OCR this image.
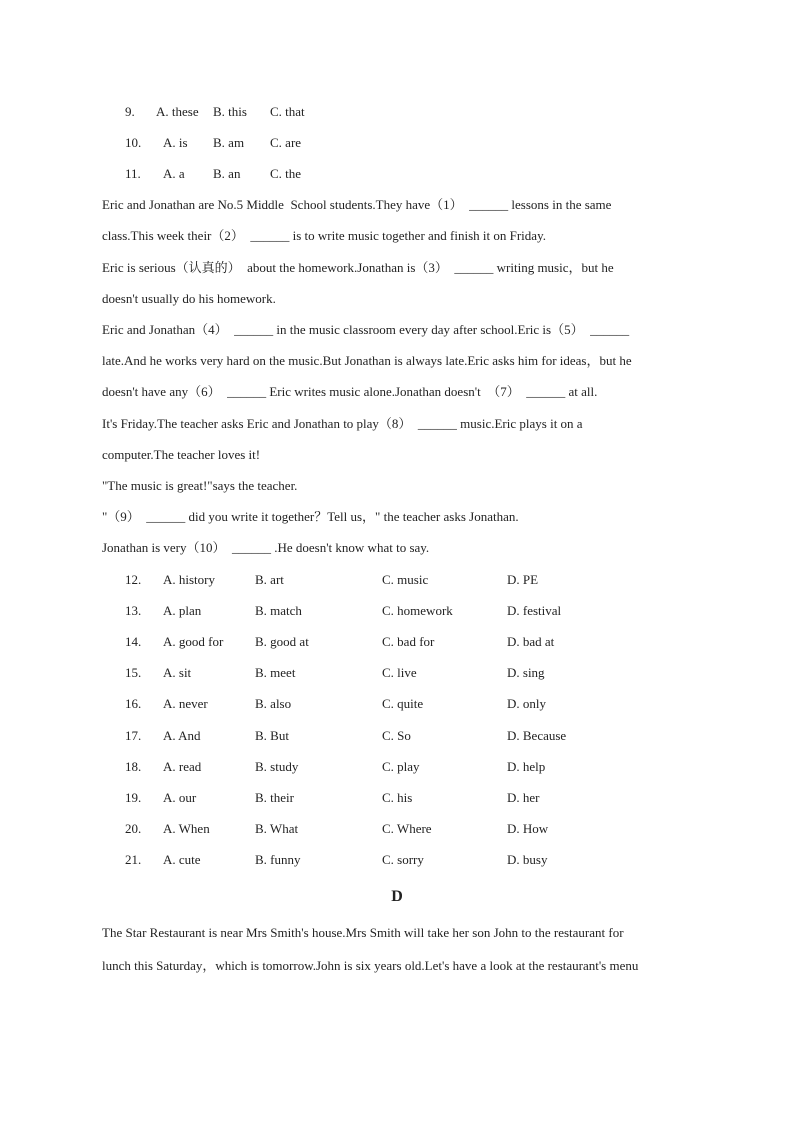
9. A. these B. this C. that
10. A. is B. am C. are
11. A. a B. an C. the
Eric and Jonathan are No.5 Middle  School students.They have（1）  ______ lessons in the same
class.This week their（2）  ______ is to write music together and finish it on Friday.
Eric is serious（认真的）  about the homework.Jonathan is（3）  ______ writing music，but he
doesn't usually do his homework.
Eric and Jonathan（4）  ______ in the music classroom every day after school.Eric is（5）  ______
late.And he works very hard on the music.But Jonathan is always late.Eric asks him for ideas，but he
doesn't have any（6）  ______ Eric writes music alone.Jonathan doesn't  （7）  ______ at all.
It's Friday.The teacher asks Eric and Jonathan to play（8）  ______ music.Eric plays it on a
computer.The teacher loves it!
"The music is great!"says the teacher.
"（9）  ______ did you write it together？Tell us，" the teacher asks Jonathan.
Jonathan is very（10）  ______ .He doesn't know what to say.
12. A. history	B. art	C. music	D. PE
13. A. plan	B. match	C. homework	D. festival
14. A. good for B. good at	C. bad for	D. bad at
15. A. sit	B. meet	C. live	D. sing
16. A. never	B. also	C. quite	D. only
17. A. And	B. But	C. So	D. Because
18. A. read	B. study	C. play	D. help
19. A. our	B. their	C. his	D. her
20. A. When	B. What	C. Where	D. How
21. A. cute	B. funny	C. sorry	D. busy
D
The Star Restaurant is near Mrs Smith's house.Mrs Smith will take her son John to the restaurant for
lunch this Saturday，which is tomorrow.John is six years old.Let's have a look at the restaurant's menu
